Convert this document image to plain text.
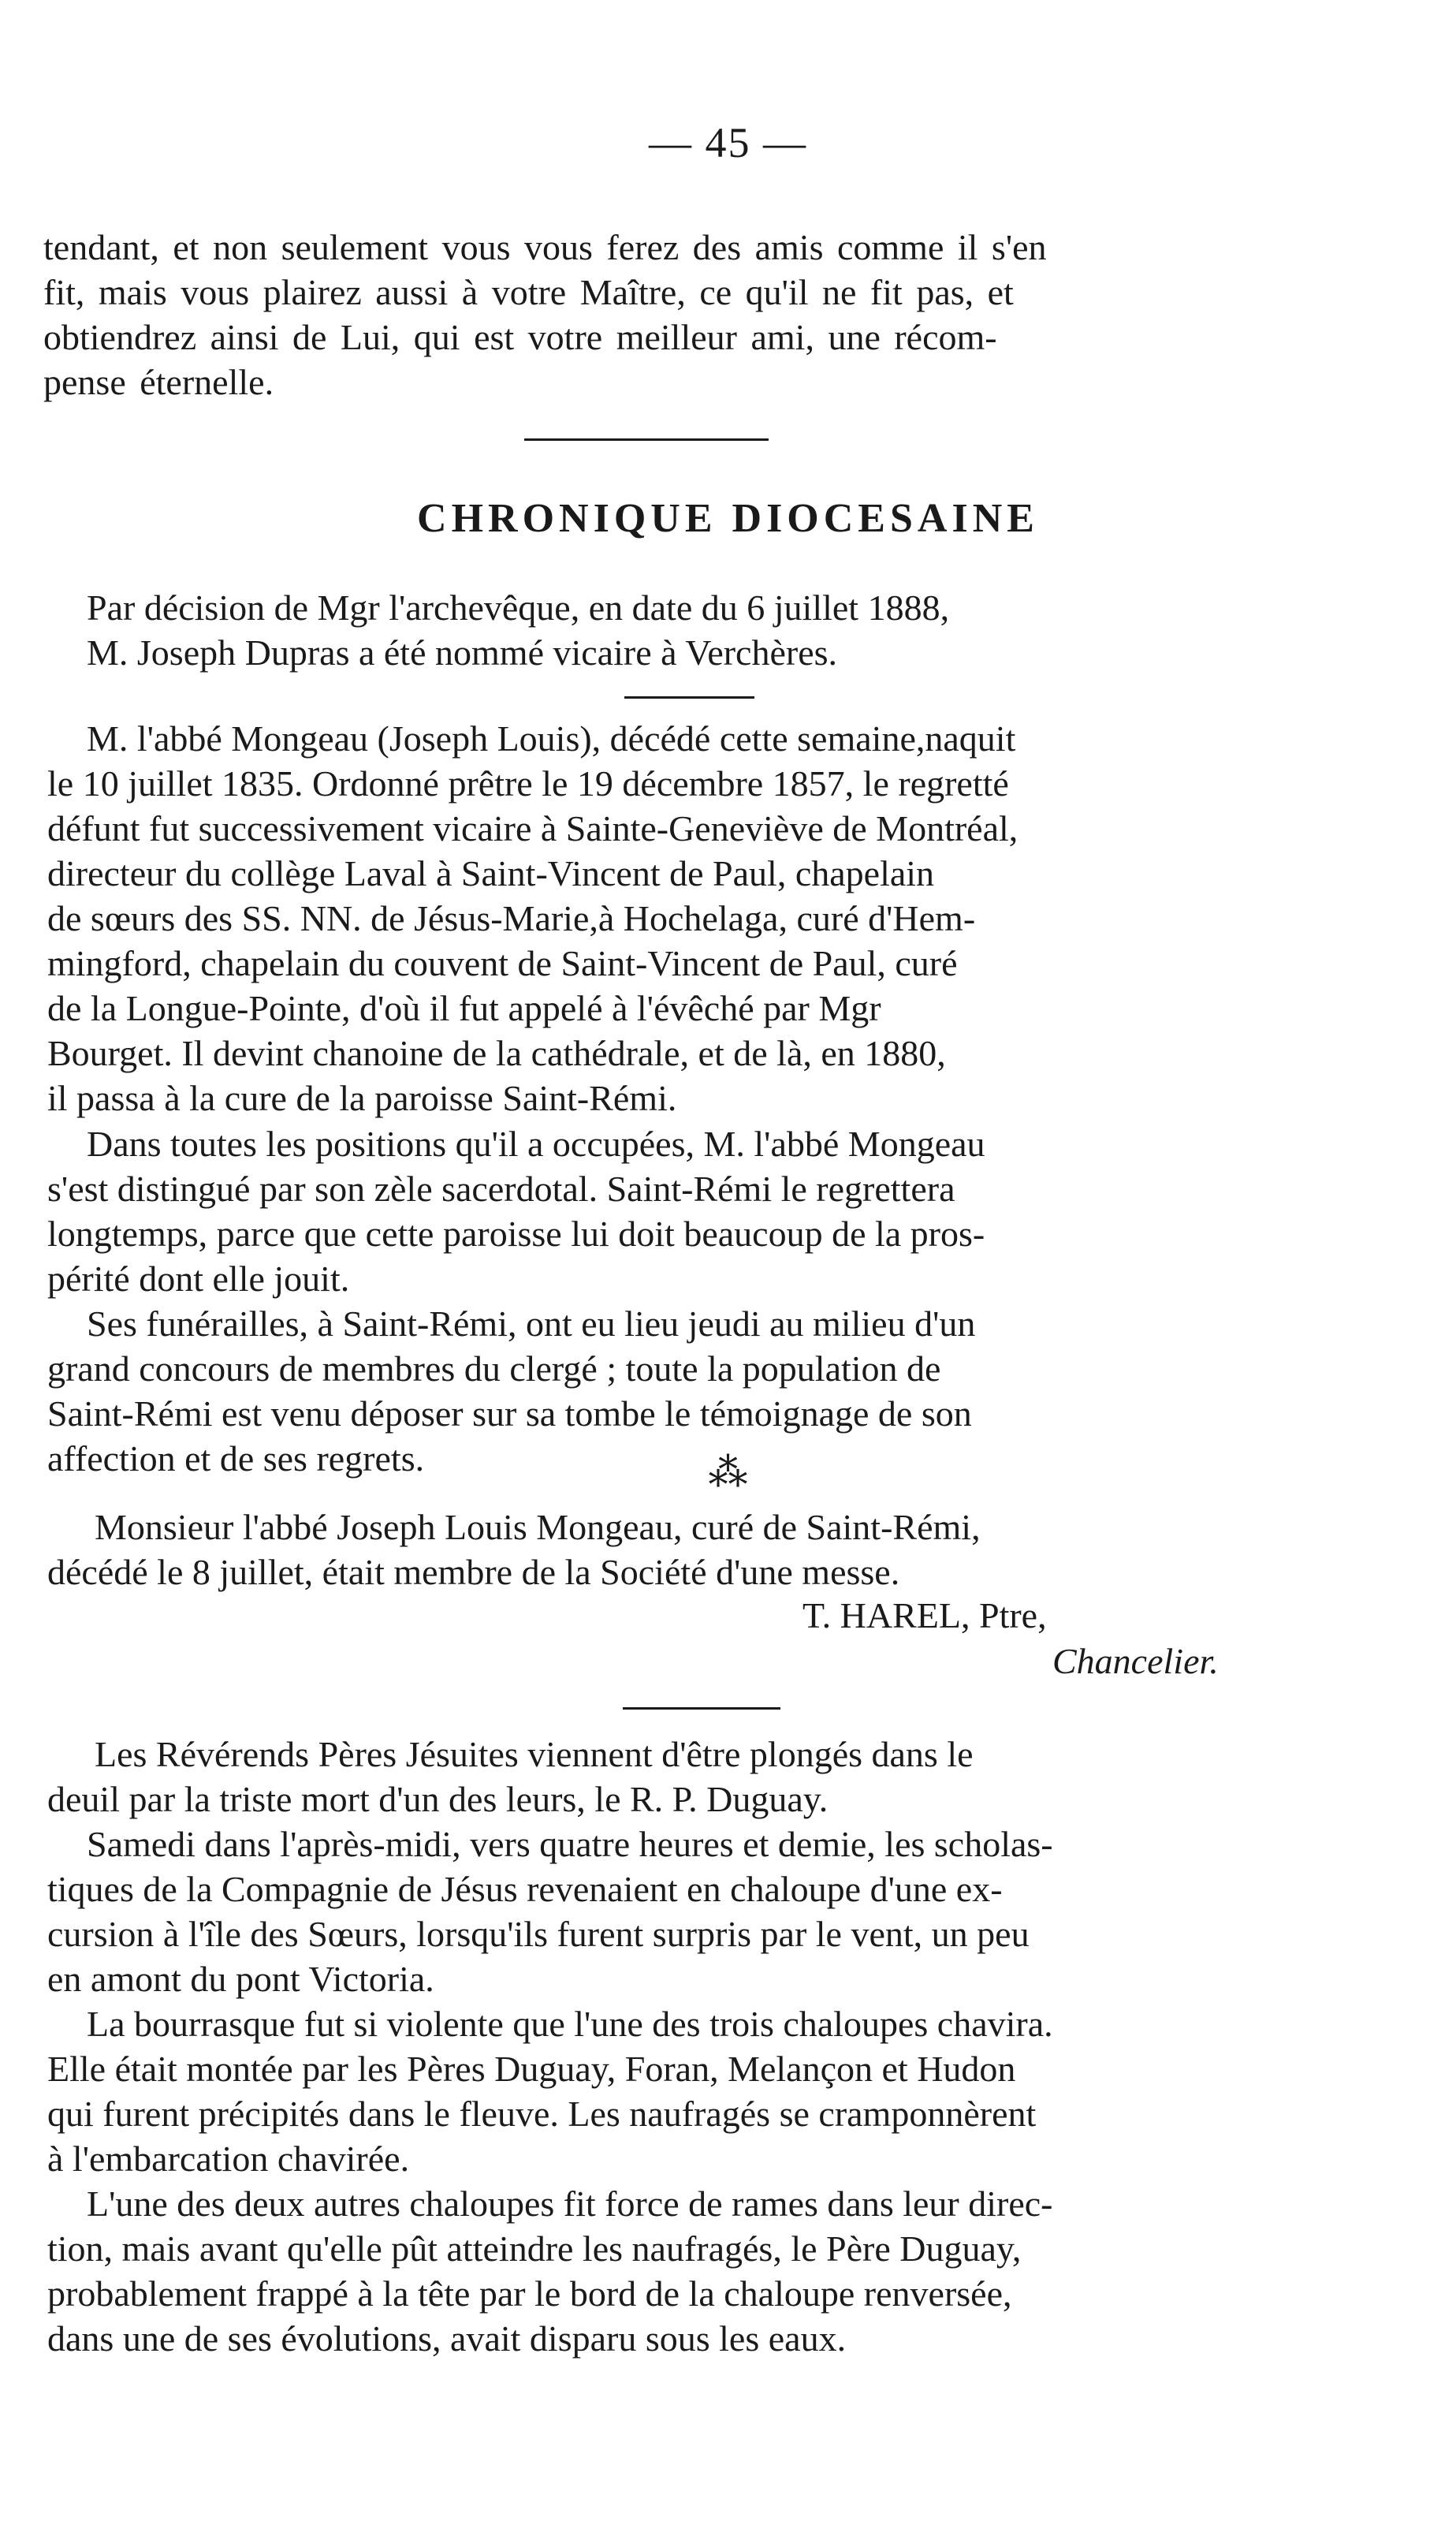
— 45 —
tendant, et non seulement vous vous ferez des amis comme il s'en
fit, mais vous plairez aussi à votre Maître, ce qu'il ne fit pas, et
obtiendrez ainsi de Lui, qui est votre meilleur ami, une récom-
pense éternelle.
CHRONIQUE DIOCESAINE
Par décision de Mgr l'archevêque, en date du 6 juillet 1888,
M. Joseph Dupras a été nommé vicaire à Verchères.
M. l'abbé Mongeau (Joseph Louis), décédé cette semaine,naquit
le 10 juillet 1835. Ordonné prêtre le 19 décembre 1857, le regretté
défunt fut successivement vicaire à Sainte-Geneviève de Montréal,
directeur du collège Laval à Saint-Vincent de Paul, chapelain
de sœurs des SS. NN. de Jésus-Marie,à Hochelaga, curé d'Hem-
mingford, chapelain du couvent de Saint-Vincent de Paul, curé
de la Longue-Pointe, d'où il fut appelé à l'évêché par Mgr
Bourget. Il devint chanoine de la cathédrale, et de là, en 1880,
il passa à la cure de la paroisse Saint-Rémi.
Dans toutes les positions qu'il a occupées, M. l'abbé Mongeau
s'est distingué par son zèle sacerdotal. Saint-Rémi le regrettera
longtemps, parce que cette paroisse lui doit beaucoup de la pros-
périté dont elle jouit.
Ses funérailles, à Saint-Rémi, ont eu lieu jeudi au milieu d'un
grand concours de membres du clergé ; toute la population de
Saint-Rémi est venu déposer sur sa tombe le témoignage de son
affection et de ses regrets.	⁂
Monsieur l'abbé Joseph Louis Mongeau, curé de Saint-Rémi,
décédé le 8 juillet, était membre de la Société d'une messe.
T. HAREL, Ptre,
Chancelier.
Les Révérends Pères Jésuites viennent d'être plongés dans le
deuil par la triste mort d'un des leurs, le R. P. Duguay.
Samedi dans l'après-midi, vers quatre heures et demie, les scholas-
tiques de la Compagnie de Jésus revenaient en chaloupe d'une ex-
cursion à l'île des Sœurs, lorsqu'ils furent surpris par le vent, un peu
en amont du pont Victoria.
La bourrasque fut si violente que l'une des trois chaloupes chavira.
Elle était montée par les Pères Duguay, Foran, Melançon et Hudon
qui furent précipités dans le fleuve. Les naufragés se cramponnèrent
à l'embarcation chavirée.
L'une des deux autres chaloupes fit force de rames dans leur direc-
tion, mais avant qu'elle pût atteindre les naufragés, le Père Duguay,
probablement frappé à la tête par le bord de la chaloupe renversée,
dans une de ses évolutions, avait disparu sous les eaux.
